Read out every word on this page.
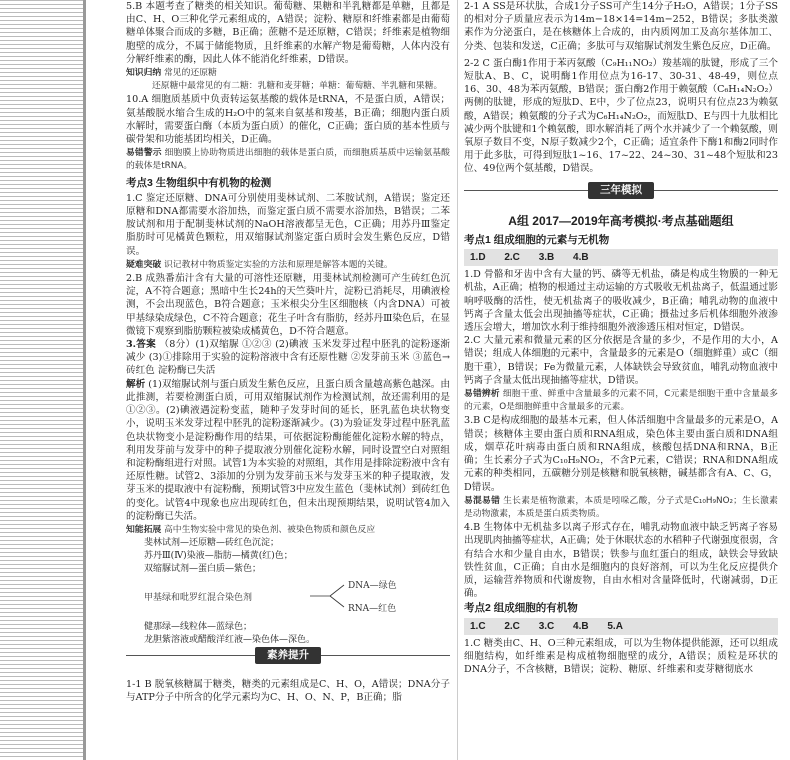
5.B 本题考查了糖类的相关知识。葡萄糖、果糖和半乳糖都是单糖，且都是由C、H、O三种化学元素组成的，A错误；淀粉、糖原和纤维素都是由葡萄糖单体聚合而成的多糖，B正确；蔗糖不是还原糖，C错误；纤维素是植物细胞壁的成分，不属于储能物质，且纤维素的水解产物是葡萄糖，人体内没有分解纤维素的酶，因此人体不能消化纤维素，D错误。

知识归纳 常见的还原糖

还原糖中最常见的有二糖：乳糖和麦芽糖；单糖：葡萄糖、半乳糖和果糖。

10.A 细胞质基质中负责转运氨基酸的载体是tRNA，不是蛋白质，A错误；氨基酸脱水缩合生成的H₂O中的氢来自氨基和羧基，B正确；细胞内蛋白质水解时，需要蛋白酶（本质为蛋白质）的催化，C正确；蛋白质的基本性质与碳骨架和功能基团均相关，D正确。

易错警示 细胞膜上协助物质进出细胞的载体是蛋白质，而细胞质基质中运输氨基酸的载体是tRNA。

考点3 生物组织中有机物的检测

1.C 鉴定还原糖、DNA可分别使用斐林试剂、二苯胺试剂，A错误；鉴定还原糖和DNA都需要水浴加热，而鉴定蛋白质不需要水浴加热，B错误；二苯胺试剂和用于配制斐林试剂的NaOH溶液都呈无色，C正确；用苏丹Ⅲ鉴定脂肪时可见橘黄色颗粒，用双缩脲试剂鉴定蛋白质时会发生紫色反应，D错误。

疑难突破 识记教材中物质鉴定实验的方法和原理是解答本题的关键。

2.B 成熟番茄汁含有大量的可溶性还原糖，用斐林试剂检测可产生砖红色沉淀，A不符合题意；黑暗中生长24h的天竺葵叶片，淀粉已消耗尽，用碘液检测，不会出现蓝色，B符合题意；玉米根尖分生区细胞核（内含DNA）可被甲基绿染成绿色，C不符合题意；花生子叶含有脂肪，经苏丹Ⅲ染色后，在显微镜下观察到脂肪颗粒被染成橘黄色，D不符合题意。

3.答案 （8分）(1)双缩脲 ①②③ (2)碘液 玉米发芽过程中胚乳的淀粉逐渐减少 (3)①排除用于实验的淀粉溶液中含有还原性糖 ②发芽前玉米 ③蓝色→砖红色 淀粉酶已失活

解析 (1)双缩脲试剂与蛋白质发生紫色反应，且蛋白质含量越高紫色越深。由此推测，若要检测蛋白质，可用双缩脲试剂作为检测试剂，故还需利用的是①②③。(2)碘液遇淀粉变蓝，随种子发芽时间的延长，胚乳蓝色块状物变小，说明玉米发芽过程中胚乳的淀粉逐渐减少。(3)为验证发芽过程中胚乳蓝色块状物变小是淀粉酶作用的结果，可依据淀粉酶能催化淀粉水解的特点，利用发芽前与发芽中的种子提取液分别催化淀粉水解，同时设置空白对照组和淀粉酶组进行对照。试管1为本实验的对照组，其作用是排除淀粉液中含有还原性糖。试管2、3添加的分别为发芽前玉米与发芽玉米的种子提取液，发芽玉米的提取液中有淀粉酶，预期试管3中应发生蓝色（斐林试剂）到砖红色的变化。试管4中现象也应出现砖红色，但未出现预期结果，说明试管4加入的淀粉酶已失活。

知能拓展 高中生物实验中常见的染色剂、被染色物质和颜色反应

斐林试剂—还原糖—砖红色沉淀；
苏丹Ⅲ(Ⅳ)染液—脂肪—橘黄(红)色；
双缩脲试剂—蛋白质—紫色；
甲基绿和吡罗红混合染色剂
DNA—绿色
RNA—红色
健那绿—线粒体—蓝绿色；
龙胆紫溶液或醋酸洋红液—染色体—深色。
素养提升

1-1 B 脱氧核糖属于糖类，糖类的元素组成是C、H、O，A错误；DNA分子与ATP分子中所含的化学元素均为C、H、O、N、P，B正确；脂

2-1 A SS是环状肽，合成1分子SS可产生14分子H₂O，A错误；1分子SS的相对分子质量应表示为14m−18×14=14m−252，B错误；多肽类激素作为分泌蛋白，是在核糖体上合成的，由内质网加工及高尔基体加工、分类、包装和发送，C正确；多肽可与双缩脲试剂发生紫色反应，D正确。

2-2 C 蛋白酶1作用于苯丙氨酸（C₉H₁₁NO₂）羧基端的肽键，形成了三个短肽A、B、C，说明酶1作用位点为16-17、30-31、48-49，则位点16、30、48为苯丙氨酸，B错误；蛋白酶2作用于赖氨酸（C₆H₁₄N₂O₂）两侧的肽键，形成的短肽D、E中，少了位点23，说明只有位点23为赖氨酸，A错误；赖氨酸的分子式为C₆H₁₄N₂O₂，而短肽D、E与四十九肽相比减少两个肽键和1个赖氨酸，即水解消耗了两个水并减少了一个赖氨酸，则氧原子数目不变，N原子数减少2个，C正确；适宜条件下酶1和酶2同时作用于此多肽，可得到短肽1~16、17~22、24~30、31~48个短肽和23位、49位两个氨基酸，D错误。

三年模拟
A组 2017—2019年高考模拟·考点基础题组
考点1 组成细胞的元素与无机物
1.D 2.C 3.B 4.B

1.D 骨骼和牙齿中含有大量的钙、磷等无机盐，磷是构成生物膜的一种无机盐，A正确；植物的根通过主动运输的方式吸收无机盐离子，低温通过影响呼吸酶的活性，使无机盐离子的吸收减少，B正确；哺乳动物的血液中钙离子含量太低会出现抽搐等症状，C正确；摄盐过多后机体细胞外液渗透压会增大，增加饮水利于维持细胞外液渗透压相对恒定，D错误。

2.C 大量元素和微量元素的区分依据是含量的多少，不是作用的大小，A错误；组成人体细胞的元素中，含量最多的元素是O（细胞鲜重）或C（细胞干重），B错误；Fe为微量元素，人体缺铁会导致贫血，哺乳动物血液中钙离子含量太低出现抽搐等症状，D错误。

易错辨析 细胞干重、鲜重中含量最多的元素不同，C元素是细胞干重中含量最多的元素，O是细胞鲜重中含量最多的元素。

3.B C是构成细胞的最基本元素，但人体活细胞中含量最多的元素是O，A错误；核糖体主要由蛋白质和RNA组成，染色体主要由蛋白质和DNA组成，烟草花叶病毒由蛋白质和RNA组成，核酸包括DNA和RNA，B正确；生长素分子式为C₁₀H₉NO₂，不含P元素，C错误；RNA和DNA组成元素的种类相同，五碳糖分别是核糖和脱氧核糖，碱基都含有A、C、G，D错误。

易混易错 生长素是植物激素，本质是吲哚乙酸，分子式是C₁₀H₉NO₂；生长激素是动物激素，本质是蛋白质类物质。

4.B 生物体中无机盐多以离子形式存在，哺乳动物血液中缺乏钙离子容易出现肌肉抽搐等症状，A正确；处于休眠状态的水稻种子代谢强度很弱，含有结合水和少量自由水，B错误；铁参与血红蛋白的组成，缺铁会导致缺铁性贫血，C正确；自由水是细胞内的良好溶剂，可以为生化反应提供介质，运输营养物质和代谢废物，自由水相对含量降低时，代谢减弱，D正确。

考点2 组成细胞的有机物
1.C 2.C 3.C 4.B 5.A

1.C 糖类由C、H、O三种元素组成，可以为生物体提供能源，还可以组成细胞结构，如纤维素是构成植物细胞壁的成分，A错误；质粒是环状的DNA分子，不含核糖，B错误；淀粉、糖原、纤维素和麦芽糖彻底水
